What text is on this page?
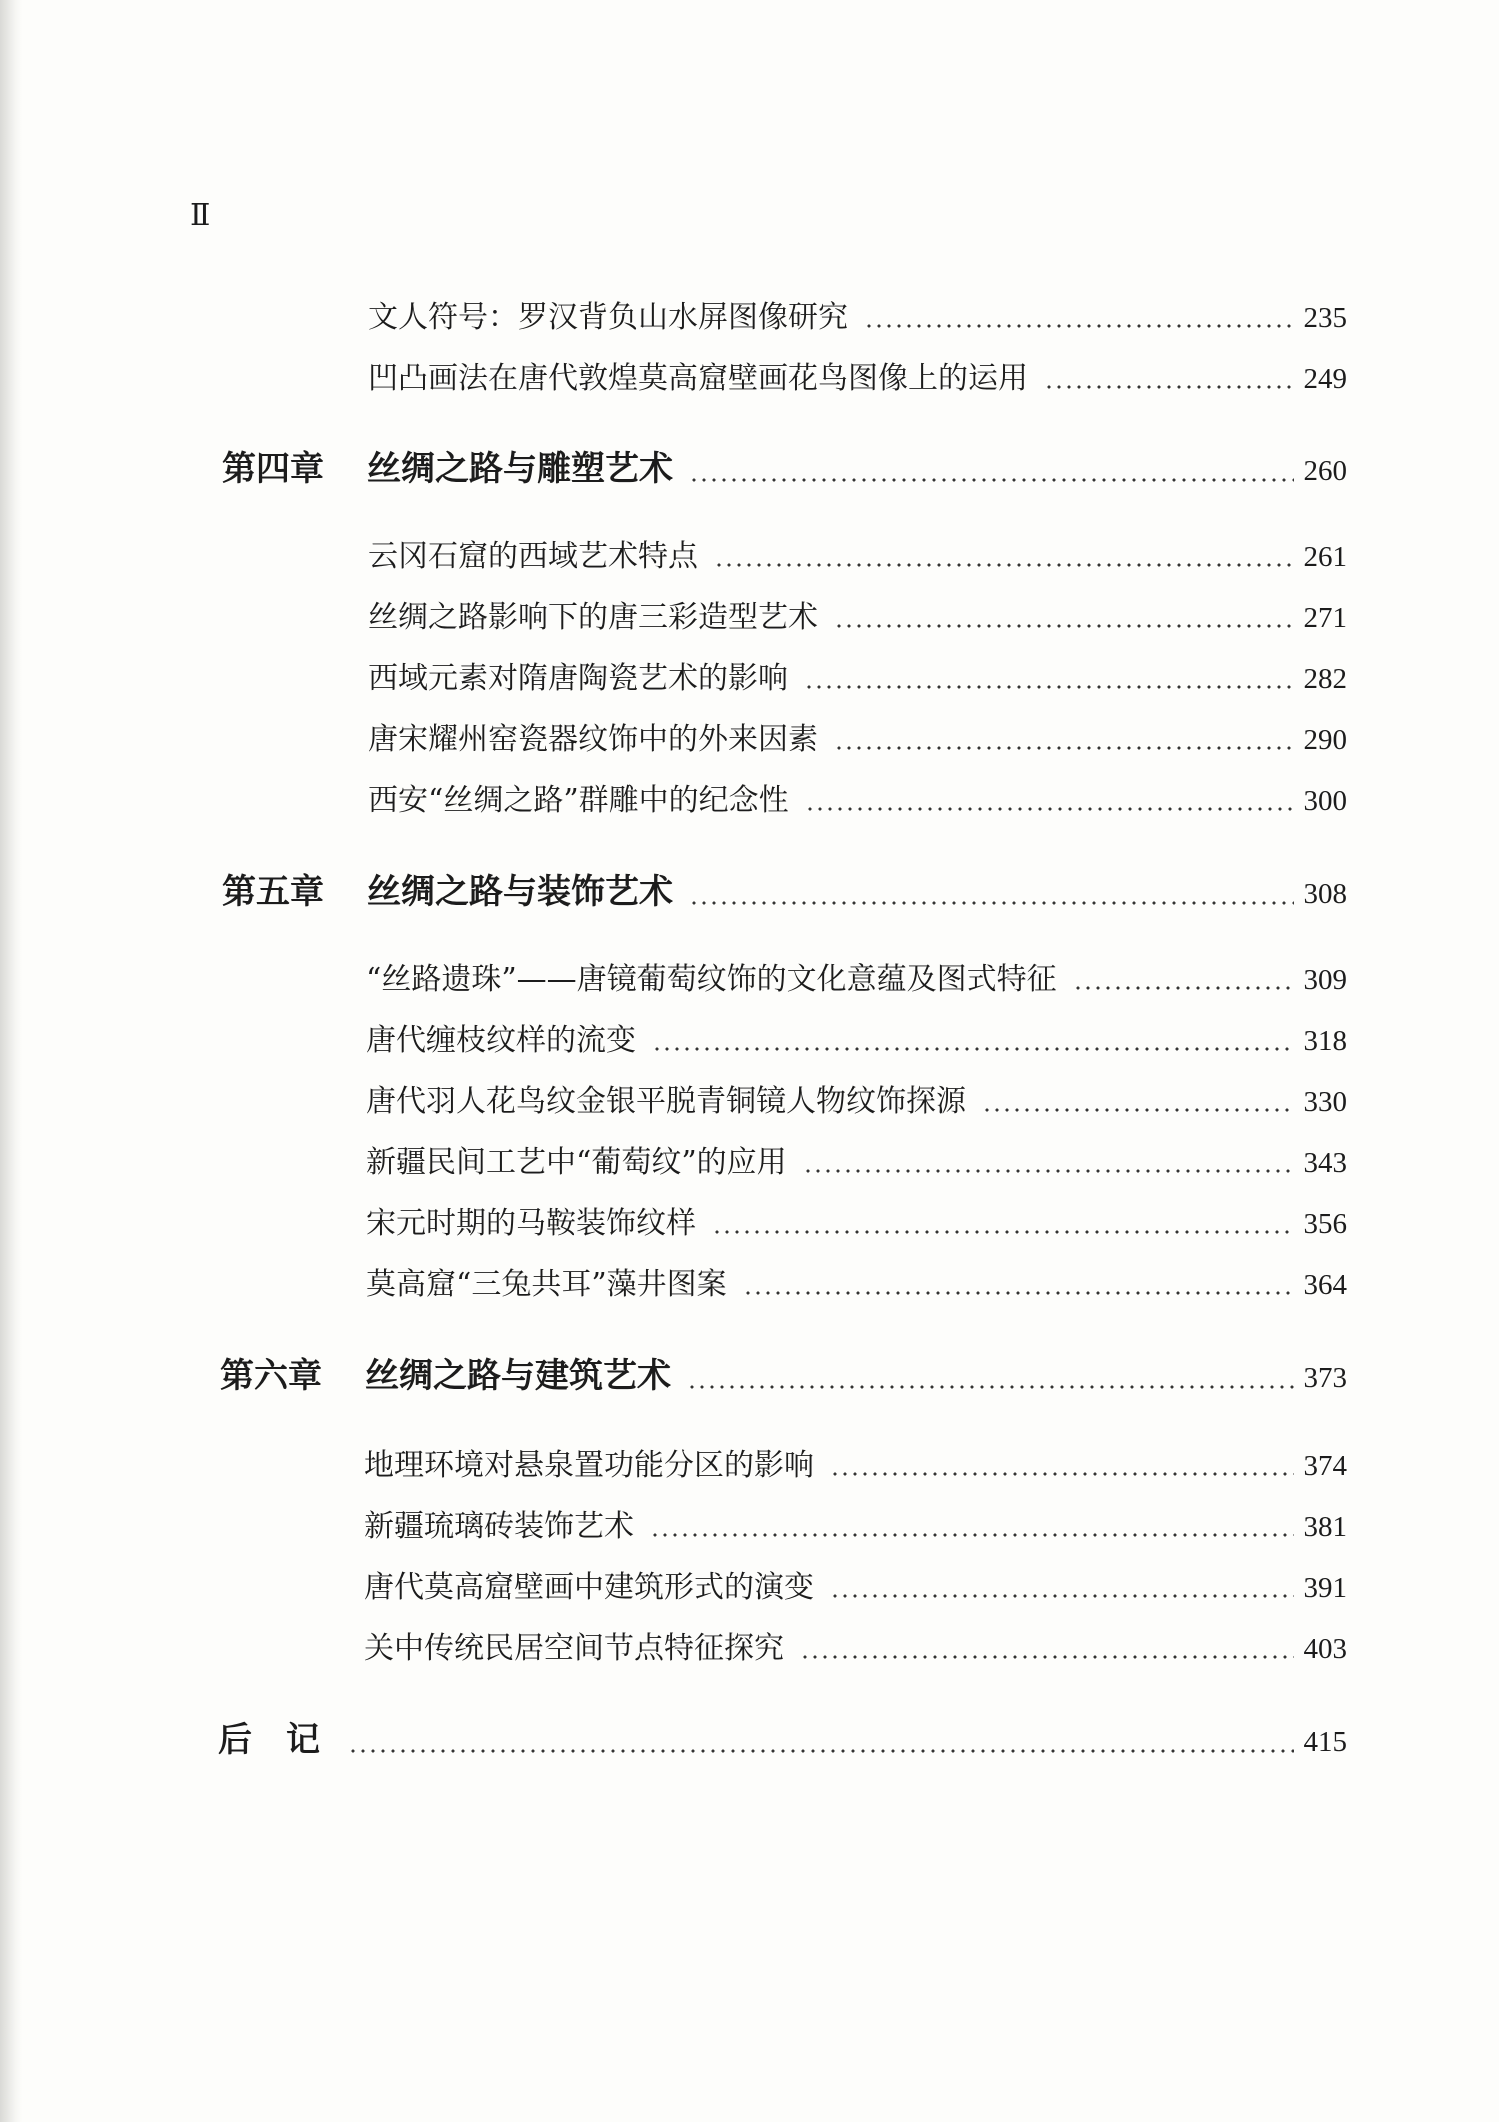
Ⅱ
文人符号：罗汉背负山水屏图像研究	235
凹凸画法在唐代敦煌莫高窟壁画花鸟图像上的运用	249
第四章	丝绸之路与雕塑艺术	260
云冈石窟的西域艺术特点	261
丝绸之路影响下的唐三彩造型艺术	271
西域元素对隋唐陶瓷艺术的影响	282
唐宋耀州窑瓷器纹饰中的外来因素	290
西安“丝绸之路”群雕中的纪念性	300
第五章	丝绸之路与装饰艺术	308
“丝路遗珠”——唐镜葡萄纹饰的文化意蕴及图式特征	309
唐代缠枝纹样的流变	318
唐代羽人花鸟纹金银平脱青铜镜人物纹饰探源	330
新疆民间工艺中“葡萄纹”的应用	343
宋元时期的马鞍装饰纹样	356
莫高窟“三兔共耳”藻井图案	364
第六章	丝绸之路与建筑艺术	373
地理环境对悬泉置功能分区的影响	374
新疆琉璃砖装饰艺术	381
唐代莫高窟壁画中建筑形式的演变	391
关中传统民居空间节点特征探究	403
后　记	415
